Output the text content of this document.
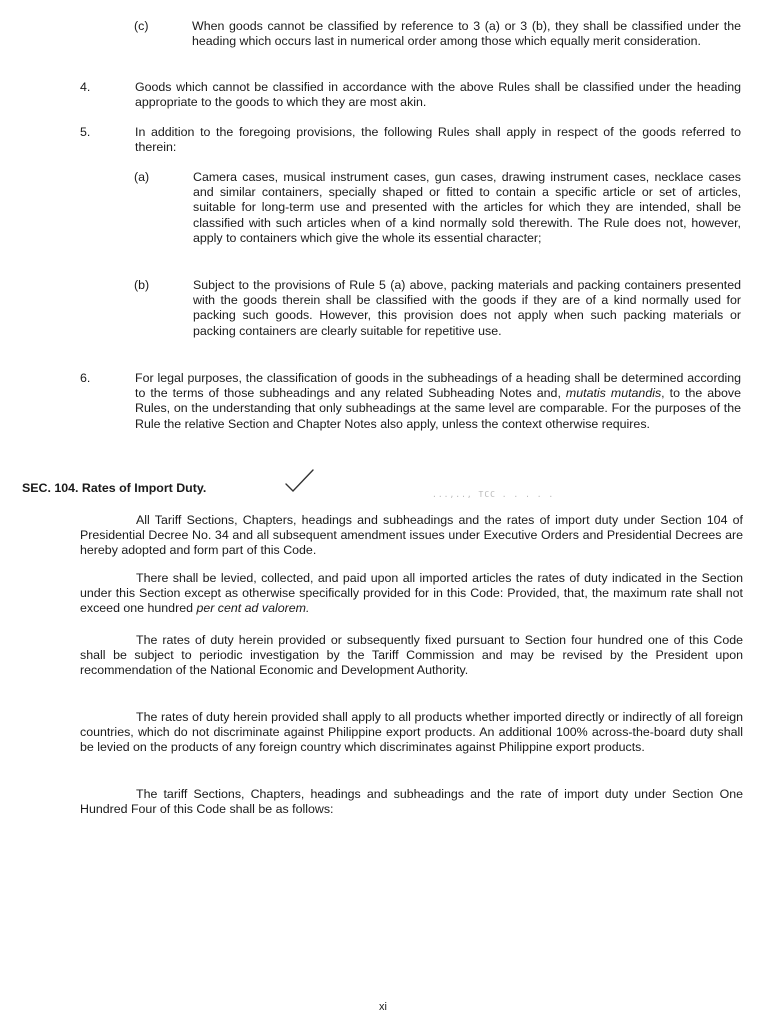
(c)	When goods cannot be classified by reference to 3 (a) or 3 (b), they shall be classified under the heading which occurs last in numerical order among those which equally merit consideration.

4.	Goods which cannot be classified in accordance with the above Rules shall be classified under the heading appropriate to the goods to which they are most akin.

5.	In addition to the foregoing provisions, the following Rules shall apply in respect of the goods referred to therein:

(a)	Camera cases, musical instrument cases, gun cases, drawing instrument cases, necklace cases and similar containers, specially shaped or fitted to contain a specific article or set of articles, suitable for long-term use and presented with the articles for which they are intended, shall be classified with such articles when of a kind normally sold therewith. The Rule does not, however, apply to containers which give the whole its essential character;

(b)	Subject to the provisions of Rule 5 (a) above, packing materials and packing containers presented with the goods therein shall be classified with the goods if they are of a kind normally used for packing such goods. However, this provision does not apply when such packing materials or packing containers are clearly suitable for repetitive use.

6.	For legal purposes, the classification of goods in the subheadings of a heading shall be determined according to the terms of those subheadings and any related Subheading Notes and, mutatis mutandis, to the above Rules, on the understanding that only subheadings at the same level are comparable. For the purposes of the Rule the relative Section and Chapter Notes also apply, unless the context otherwise requires.

SEC. 104. Rates of Import Duty.	...,.., TCC . . . . .

All Tariff Sections, Chapters, headings and subheadings and the rates of import duty under Section 104 of Presidential Decree No. 34 and all subsequent amendment issues under Executive Orders and Presidential Decrees are hereby adopted and form part of this Code.

There shall be levied, collected, and paid upon all imported articles the rates of duty indicated in the Section under this Section except as otherwise specifically provided for in this Code: Provided, that, the maximum rate shall not exceed one hundred per cent ad valorem.

The rates of duty herein provided or subsequently fixed pursuant to Section four hundred one of this Code shall be subject to periodic investigation by the Tariff Commission and may be revised by the President upon recommendation of the National Economic and Development Authority.

The rates of duty herein provided shall apply to all products whether imported directly or indirectly of all foreign countries, which do not discriminate against Philippine export products. An additional 100% across-the-board duty shall be levied on the products of any foreign country which discriminates against Philippine export products.

The tariff Sections, Chapters, headings and subheadings and the rate of import duty under Section One Hundred Four of this Code shall be as follows:

xi
